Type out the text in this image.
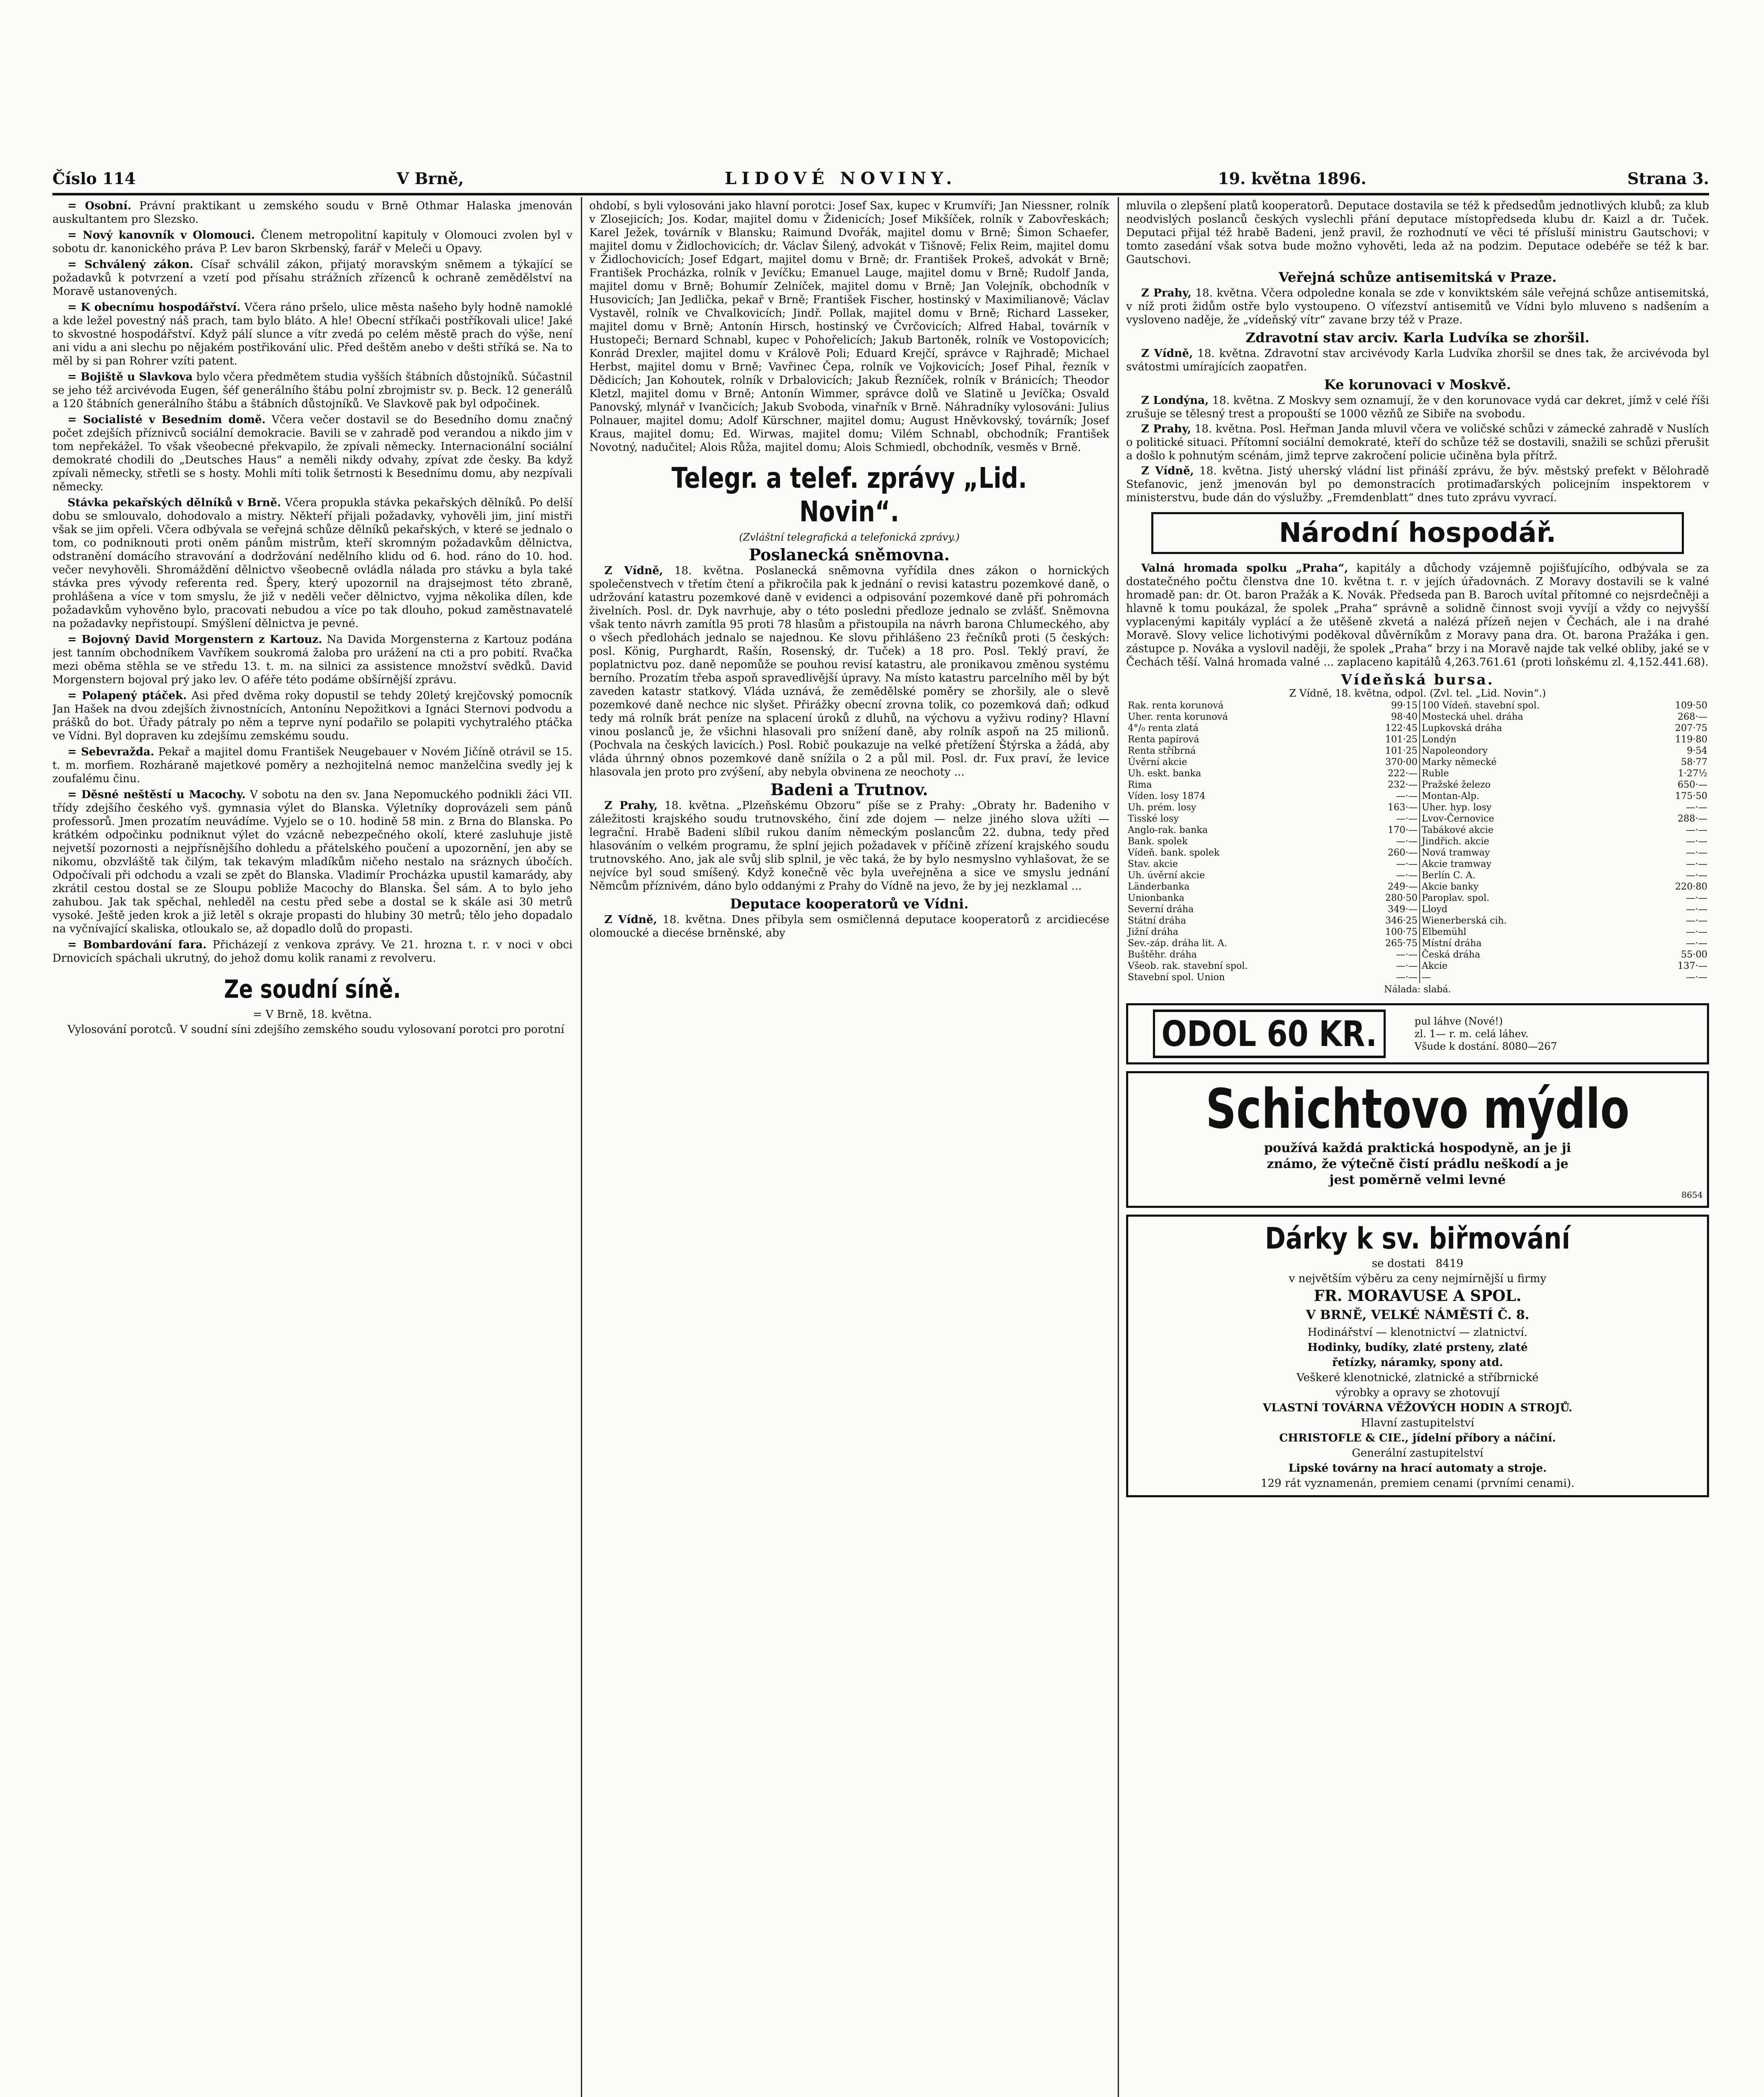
Číslo 114	V Brně,	LIDOVÉ NOVINY.	19. května 1896.	Strana 3.

= Osobní. Právní praktikant u zemského soudu v Brně Othmar Halaska jmenován auskultantem pro Slezsko.

= Nový kanovník v Olomouci. Členem metropolitní kapituly v Olomouci zvolen byl v sobotu dr. kanonického práva P. Lev baron Skrbenský, farář v Meleči u Opavy.

= Schválený zákon. Císař schválil zákon, přijatý moravským sněmem a týkající se požadavků k potvrzení a vzetí pod přísahu strážních zřízenců k ochraně zemědělství na Moravě ustanovených.

= K obecnímu hospodářství. Včera ráno pršelo, ulice města našeho byly hodně namoklé a kde ležel povestný náš prach, tam bylo bláto. A hle! Obecní stříkači postříkovali ulice! Jaké to skvostné hospodářství. Když pálí slunce a vítr zvedá po celém městě prach do výše, není ani vidu a ani slechu po nějakém postřikování ulic. Před deštěm anebo v dešti stříká se. Na to měl by si pan Rohrer vzíti patent.

= Bojiště u Slavkova bylo včera předmětem studia vyšších štábních důstojníků. Súčastnil se jeho též arcivévoda Eugen, šéf generálního štábu polní zbrojmistr sv. p. Beck. 12 generálů a 120 štábních generálního štábu a štábních důstojníků. Ve Slavkově pak byl odpočinek.

= Socialisté v Besedním domě. Včera večer dostavil se do Besedního domu značný počet zdejších příznivců sociální demokracie. Bavili se v zahradě pod verandou a nikdo jim v tom nepřekážel. To však všeobecné překvapilo, že zpívali německy. Internacionální sociální demokraté chodili do „Deutsches Haus“ a neměli nikdy odvahy, zpívat zde česky. Ba když zpívali německy, střetli se s hosty. Mohli míti tolik šetrnosti k Besednímu domu, aby nezpívali německy.

Stávka pekařských dělníků v Brně. Včera propukla stávka pekařských dělníků. Po delší dobu se smlouvalo, dohodovalo a mistry. Někteří přijali požadavky, vyhověli jim, jiní mistři však se jim opřeli. Včera odbývala se veřejná schůze dělníků pekařských, v které se jednalo o tom, co podniknouti proti oněm pánům mistrům, kteří skromným požadavkům dělnictva, odstranění domácího stravování a dodržování nedělního klidu od 6. hod. ráno do 10. hod. večer nevyhověli. Shromáždění dělnictvo všeobecně ovládla nálada pro stávku a byla také stávka pres vývody referenta red. Špery, který upozornil na drajsejmost této zbraně, prohlášena a více v tom smyslu, že již v neděli večer dělnictvo, vyjma několika dílen, kde požadavkům vyhověno bylo, pracovati nebudou a více po tak dlouho, pokud zaměstnavatelé na požadavky nepřistoupí. Smýšlení dělnictva je pevné.

= Bojovný David Morgenstern z Kartouz. Na Davida Morgensterna z Kartouz podána jest tanním obchodníkem Vavříkem soukromá žaloba pro urážení na cti a pro pobití. Rvačka mezi oběma stěhla se ve středu 13. t. m. na silnici za assistence množství svědků. David Morgenstern bojoval prý jako lev. O aféře této podáme obšírnější zprávu.

= Polapený ptáček. Asi před dvěma roky dopustil se tehdy 20letý krejčovský pomocník Jan Hašek na dvou zdejších živnostnících, Antonínu Nepožitkovi a Ignáci Sternovi podvodu a prášků do bot. Úřady pátraly po něm a teprve nyní podařilo se polapiti vychytralého ptáčka ve Vídni. Byl dopraven ku zdejšímu zemskému soudu.

= Sebevražda. Pekař a majitel domu František Neugebauer v Novém Jičíně otrávil se 15. t. m. morfiem. Rozháraně majetkové poměry a nezhojitelná nemoc manželčina svedly jej k zoufalému činu.

= Děsné neštěstí u Macochy. V sobotu na den sv. Jana Nepomuckého podnikli žáci VII. třídy zdejšího českého vyš. gymnasia výlet do Blanska. Výletníky doprovázeli sem pánů professorů. Jmen prozatím neuvádíme. Vyjelo se o 10. hodině 58 min. z Brna do Blanska. Po krátkém odpočinku podniknut výlet do vzácně nebezpečného okolí, které zasluhuje jistě nejvetší pozornosti a nejpřísnějšího dohledu a přátelského poučení a upozornění, jen aby se nikomu, obzvláště tak čilým, tak tekavým mladíkům ničeho nestalo na sráznych úbočích. Odpočívali při odchodu a vzali se zpět do Blanska. Vladimír Procházka upustil kamarády, aby zkrátil cestou dostal se ze Sloupu pobliže Macochy do Blanska. Šel sám. A to bylo jeho zahubou. Jak tak spěchal, nehleděl na cestu před sebe a dostal se k skále asi 30 metrů vysoké. Ještě jeden krok a již letěl s okraje propasti do hlubiny 30 metrů; tělo jeho dopadalo na vyčnívající skaliska, otloukalo se, až dopadlo dolů do propasti.

= Bombardování fara. Přicházejí z venkova zprávy. Ve 21. hrozna t. r. v noci v obci Drnovicích spáchali ukrutný, do jehož domu kolik ranami z revolveru.

Ze soudní síně.

= V Brně, 18. května.

Vylosování porotců. V soudní síni zdejšího zemského soudu vylosovaní porotci pro porotní

ohdobí, s byli vylosováni jako hlavní porotci: Josef Sax, kupec v Krumvíři; Jan Niessner, rolník v Zlosejicích; Jos. Kodar, majitel domu v Židenicích; Josef Mikšíček, rolník v Zabovřeskách; Karel Ježek, továrník v Blansku; Raimund Dvořák, majitel domu v Brně; Šimon Schaefer, majitel domu v Židlochovicích; dr. Václav Šilený, advokát v Tišnově; Felix Reim, majitel domu v Židlochovicích; Josef Edgart, majitel domu v Brně; dr. František Prokeš, advokát v Brně; František Procházka, rolník v Jevíčku; Emanuel Lauge, majitel domu v Brně; Rudolf Janda, majitel domu v Brně; Bohumír Zelníček, majitel domu v Brně; Jan Volejník, obchodník v Husovicích; Jan Jedlička, pekař v Brně; František Fischer, hostinský v Maximilianově; Václav Vystavěl, rolník ve Chvalkovicích; Jindř. Pollak, majitel domu v Brně; Richard Lasseker, majitel domu v Brně; Antonín Hirsch, hostinský ve Čvrčovicích; Alfred Habal, továrník v Hustopeči; Bernard Schnabl, kupec v Pohořelicích; Jakub Bartoněk, rolník ve Vostopovicích; Konrád Drexler, majitel domu v Králově Poli; Eduard Krejčí, správce v Rajhradě; Michael Herbst, majitel domu v Brně; Vavřinec Čepa, rolník ve Vojkovicích; Josef Pihal, řezník v Dědicích; Jan Kohoutek, rolník v Drbalovicích; Jakub Řezníček, rolník v Bránicích; Theodor Kletzl, majitel domu v Brně; Antonín Wimmer, správce dolů ve Slatině u Jevíčka; Osvald Panovský, mlynář v Ivančicích; Jakub Svoboda, vinařník v Brně. Náhradníky vylosováni: Julius Polnauer, majitel domu; Adolf Kürschner, majitel domu; August Hněvkovský, továrník; Josef Kraus, majitel domu; Ed. Wirwas, majitel domu; Vilém Schnabl, obchodník; František Novotný, nadučitel; Alois Růža, majitel domu; Alois Schmiedl, obchodník, vesměs v Brně.

Telegr. a telef. zprávy „Lid. Novin“.
(Zvláštní telegrafická a telefonická zprávy.)
Poslanecká sněmovna.

Z Vídně, 18. května. Poslanecká sněmovna vyřídila dnes zákon o hornických společenstvech v třetím čtení a přikročila pak k jednání o revisi katastru pozemkové daně, o udržování katastru pozemkové daně v evidenci a odpisování pozemkové daně při pohromách živelních. Posl. dr. Dyk navrhuje, aby o této posledni předloze jednalo se zvlášť. Sněmovna však tento návrh zamítla 95 proti 78 hlasům a přistoupila na návrh barona Chlumeckého, aby o všech předlohách jednalo se najednou. Ke slovu přihlášeno 23 řečníků proti (5 českých: posl. König, Purghardt, Rašín, Rosenský, dr. Tuček) a 18 pro. Posl. Teklý praví, že poplatnictvu poz. daně nepomůže se pouhou revisí katastru, ale pronikavou změnou systému berního. Prozatím třeba aspoň spravedlivější úpravy. Na místo katastru parcelního měl by být zaveden katastr statkový. Vláda uznává, že zemědělské poměry se zhoršily, ale o slevě pozemkové daně nechce nic slyšet. Přirážky obecní zrovna tolik, co pozemková daň; odkud tedy má rolník brát peníze na splacení úroků z dluhů, na výchovu a vyživu rodiny? Hlavní vinou poslanců je, že všichni hlasovali pro snížení daně, aby rolník aspoň na 25 milionů. (Pochvala na českých lavicích.) Posl. Robič poukazuje na velké přetížení Štýrska a žádá, aby vláda úhrnný obnos pozemkové daně snížila o 2 a půl mil. Posl. dr. Fux praví, že levice hlasovala jen proto pro zvýšení, aby nebyla obvinena ze neochoty ...

Badeni a Trutnov.

Z Prahy, 18. května. „Plzeňskému Obzoru“ píše se z Prahy: „Obraty hr. Badeniho v záležitosti krajského soudu trutnovského, činí zde dojem — nelze jiného slova užíti — legrační. Hrabě Badeni slíbil rukou daním německým poslancům 22. dubna, tedy před hlasováním o velkém programu, že splní jejich požadavek v příčině zřízení krajského soudu trutnovského. Ano, jak ale svůj slib splnil, je věc taká, že by bylo nesmyslno vyhlašovat, že se nejvíce byl soud smíšený. Když konečně věc byla uveřejněna a sice ve smyslu jednání Němcům příznivém, dáno bylo oddanými z Prahy do Vídně na jevo, že by jej nezklamal ...

Deputace kooperatorů ve Vídni.

Z Vídně, 18. května. Dnes přibyla sem osmičlenná deputace kooperatorů z arcidiecése olomoucké a diecése brněnské, aby

mluvila o zlepšení platů kooperatorů. Deputace dostavila se též k předsedům jednotlivých klubů; za klub neodvislých poslanců českých vyslechli přání deputace místopředseda klubu dr. Kaizl a dr. Tuček. Deputaci přijal též hrabě Badeni, jenž pravil, že rozhodnutí ve věci té přísluší ministru Gautschovi; v tomto zasedání však sotva bude možno vyhověti, leda až na podzim. Deputace odebéře se též k bar. Gautschovi.

Veřejná schůze antisemitská v Praze.

Z Prahy, 18. května. Včera odpoledne konala se zde v konviktském sále veřejná schůze antisemitská, v níž proti židům ostře bylo vystoupeno. O víťezství antisemitů ve Vídni bylo mluveno s nadšením a vysloveno naděje, že „vídeňský vítr“ zavane brzy též v Praze.

Zdravotní stav arciv. Karla Ludvíka se zhoršil.

Z Vídně, 18. května. Zdravotní stav arcivévody Karla Ludvíka zhoršil se dnes tak, že arcivévoda byl svátostmi umírajících zaopatřen.

Ke korunovaci v Moskvě.

Z Londýna, 18. května. Z Moskvy sem oznamují, že v den korunovace vydá car dekret, jímž v celé říši zrušuje se tělesný trest a propouští se 1000 vězňů ze Sibiře na svobodu.

Z Prahy, 18. května. Posl. Heřman Janda mluvil včera ve voličské schůzi v zámecké zahradě v Nuslích o politické situaci. Přítomní sociální demokraté, kteří do schůze též se dostavili, snažili se schůzi přerušit a došlo k pohnutým scénám, jimž teprve zakročení policie učiněna byla přítrž.

Z Vídně, 18. května. Jistý uherský vládní list přináší zprávu, že býv. městský prefekt v Bělohradě Stefanovic, jenž jmenován byl po demonstracích protimaďarských policejním inspektorem v ministerstvu, bude dán do výslužby. „Fremdenblatt“ dnes tuto zprávu vyvrací.

Národní hospodář.

Valná hromada spolku „Praha“, kapitály a důchody vzájemně pojišťujícího, odbývala se za dostatečného počtu členstva dne 10. května t. r. v jejích úřadovnách. Z Moravy dostavili se k valné hromadě pan: dr. Ot. baron Pražák a K. Novák. Předseda pan B. Baroch uvítal přítomné co nejsrdečněji a hlavně k tomu poukázal, že spolek „Praha“ správně a solidně činnost svoji vyvíjí a vždy co nejvyšší vyplacenými kapitály vyplácí a že utěšeně zkvetá a nalézá přízeň nejen v Čechách, ale i na drahé Moravě. Slovy velice lichotivými poděkoval důvěrníkům z Moravy pana dra. Ot. barona Pražáka i gen. zástupce p. Nováka a vyslovil naději, že spolek „Praha“ brzy i na Moravě najde tak velké obliby, jaké se v Čechách těší. Valná hromada valné ... zaplaceno kapitálů 4,263.761.61 (proti loňskému zl. 4,152.441.68).

Vídeňská bursa.
Z Vídně, 18. května, odpol. (Zvl. tel. „Lid. Novin“.)
Rak. renta korunová	99·15	100 Vídeň. stavební spol.	109·50
Uher. renta korunová	98·40	Mostecká uhel. dráha	268·—
4°/₀ renta zlatá	122·45	Lupkovská dráha	207·75
Renta papírová	101·25	Londýn	119·80
Renta stříbrná	101·25	Napoleondory	9·54
Úvěrní akcie	370·00	Marky německé	58·77
Uh. eskt. banka	222·—	Ruble	1·27½
Rima	232·—	Pražské železo	650·—
Víden. losy 1874	—·—	Montan-Alp.	175·50
Uh. prém. losy	163·—	Uher. hyp. losy	—·—
Tisské losy	—·—	Lvov-Černovice	288·—
Anglo-rak. banka	170·—	Tabákové akcie	—·—
Bank. spolek	—·—	Jindřich. akcie	—·—
Vídeň. bank. spolek	260·—	Nová tramway	—·—
Stav. akcie	—·—	Akcie tramway	—·—
Uh. úvěrní akcie	—·—	Berlín C. A.	—·—
Länderbanka	249·—	Akcie banky	220·80
Unionbanka	280·50	Paroplav. spol.	—·—
Severní dráha	349·—	Lloyd	—·—
Státní dráha	346·25	Wienerberská cih.	—·—
Jižní dráha	100·75	Elbemühl	—·—
Sev.-záp. dráha lit. A.	265·75	Místní dráha	—·—
Buštěhr. dráha	—·—	Česká dráha	55·00
Všeob. rak. stavební spol.	—·—	Akcie	137·—
Stavební spol. Union	—·—	—	—·—
Nálada: slabá.
ODOL 60 KR.	pul láhve (Nové!)
zl. 1— r. m. celá láhev.
Všude k dostání. 8080—267
Schichtovo mýdlo
používá každá praktická hospodyně, an je ji
známo, že výtečně čistí prádlu neškodí a je
jest poměrně velmi levné
8654
Dárky k sv. biřmování
se dostati 8419
v největším výběru za ceny nejmírnější u firmy
FR. MORAVUSE A SPOL.
V BRNĚ, VELKÉ NÁMĚSTÍ Č. 8.
Hodinářství — klenotnictví — zlatnictví.
Hodinky, budíky, zlaté prsteny, zlaté
řetízky, náramky, spony atd.
Veškeré klenotnické, zlatnické a stříbrnické
výrobky a opravy se zhotovují
VLASTNÍ TOVÁRNA VĚŽOVÝCH HODIN A STROJŮ.
Hlavní zastupitelství
CHRISTOFLE & CIE., jídelní příbory a náčiní.
Generální zastupitelství
Lipské továrny na hrací automaty a stroje.
129 rát vyznamenán, premiem cenami (prvními cenami).
